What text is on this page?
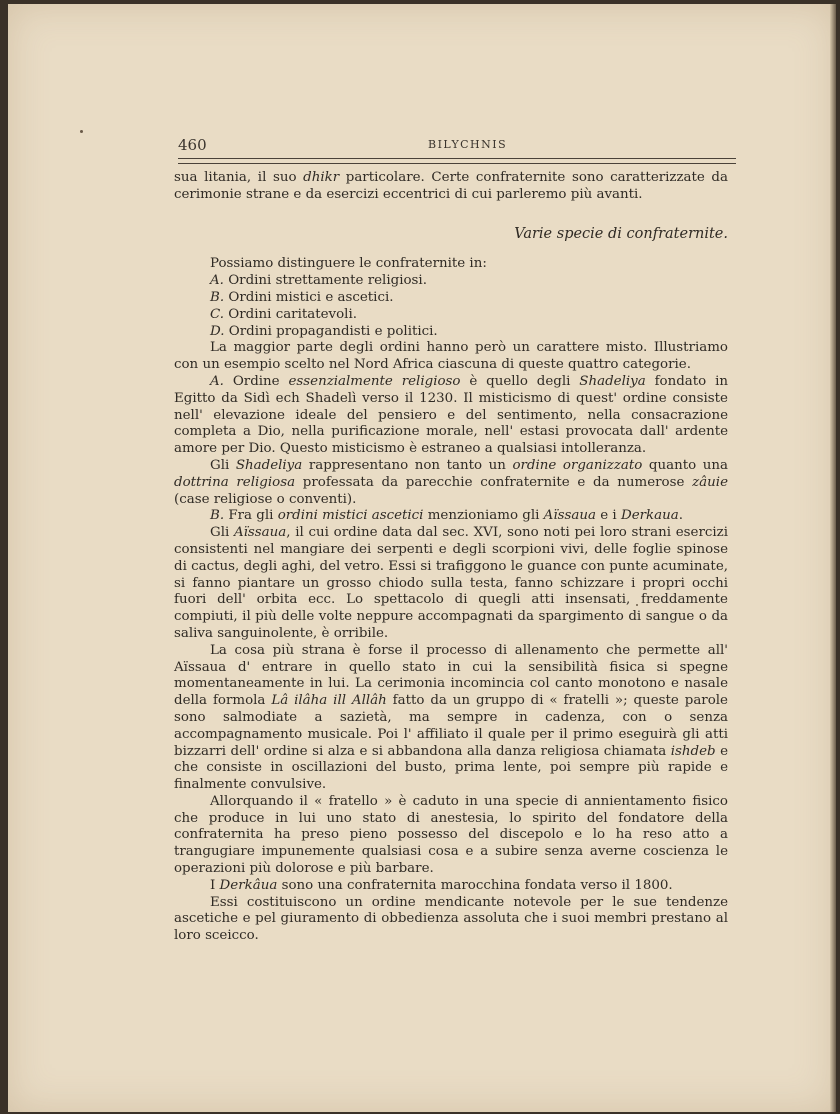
460	BILYCHNIS

sua litania, il suo dhikr particolare. Certe confraternite sono caratterizzate da cerimonie strane e da esercizi eccentrici di cui parleremo più avanti.

Varie specie di confraternite.

Possiamo distinguere le confraternite in:

A. Ordini strettamente religiosi.
B. Ordini mistici e ascetici.
C. Ordini caritatevoli.
D. Ordini propagandisti e politici.

La maggior parte degli ordini hanno però un carattere misto. Illustriamo con un esempio scelto nel Nord Africa ciascuna di queste quattro categorie.

A. Ordine essenzialmente religioso è quello degli Shadeliya fondato in Egitto da Sidì ech Shadelì verso il 1230. Il misticismo di quest' ordine consiste nell' elevazione ideale del pensiero e del sentimento, nella consacrazione completa a Dio, nella purificazione morale, nell' estasi provocata dall' ardente amore per Dio. Questo misticismo è estraneo a qualsiasi intolleranza.

Gli Shadeliya rappresentano non tanto un ordine organizzato quanto una dottrina religiosa professata da parecchie confraternite e da numerose zâuie (case religiose o conventi).

B. Fra gli ordini mistici ascetici menzioniamo gli Aïssaua e i Derkaua.

Gli Aïssaua, il cui ordine data dal sec. XVI, sono noti pei loro strani esercizi consistenti nel mangiare dei serpenti e degli scorpioni vivi, delle foglie spinose di cactus, degli aghi, del vetro. Essi si trafiggono le guance con punte acuminate, si fanno piantare un grosso chiodo sulla testa, fanno schizzare i propri occhi fuori dell' orbita ecc. Lo spettacolo di quegli atti insensati, freddamente compiuti, il più delle volte neppure accompagnati da spargimento di sangue o da saliva sanguinolente, è orribile.

La cosa più strana è forse il processo di allenamento che permette all' Aïssaua d' entrare in quello stato in cui la sensibilità fisica si spegne momentaneamente in lui. La cerimonia incomincia col canto monotono e nasale della formola Lâ ilâha ill Allâh fatto da un gruppo di « fratelli »; queste parole sono salmodiate a sazietà, ma sempre in cadenza, con o senza accompagnamento musicale. Poi l' affiliato il quale per il primo eseguirà gli atti bizzarri dell' ordine si alza e si abbandona alla danza religiosa chiamata ishdeb e che consiste in oscillazioni del busto, prima lente, poi sempre più rapide e finalmente convulsive.

Allorquando il « fratello » è caduto in una specie di annientamento fisico che produce in lui uno stato di anestesia, lo spirito del fondatore della confraternita ha preso pieno possesso del discepolo e lo ha reso atto a trangugiare impunemente qualsiasi cosa e a subire senza averne coscienza le operazioni più dolorose e più barbare.

I Derkâua sono una confraternita marocchina fondata verso il 1800.

Essi costituiscono un ordine mendicante notevole per le sue tendenze ascetiche e pel giuramento di obbedienza assoluta che i suoi membri prestano al loro sceicco.
